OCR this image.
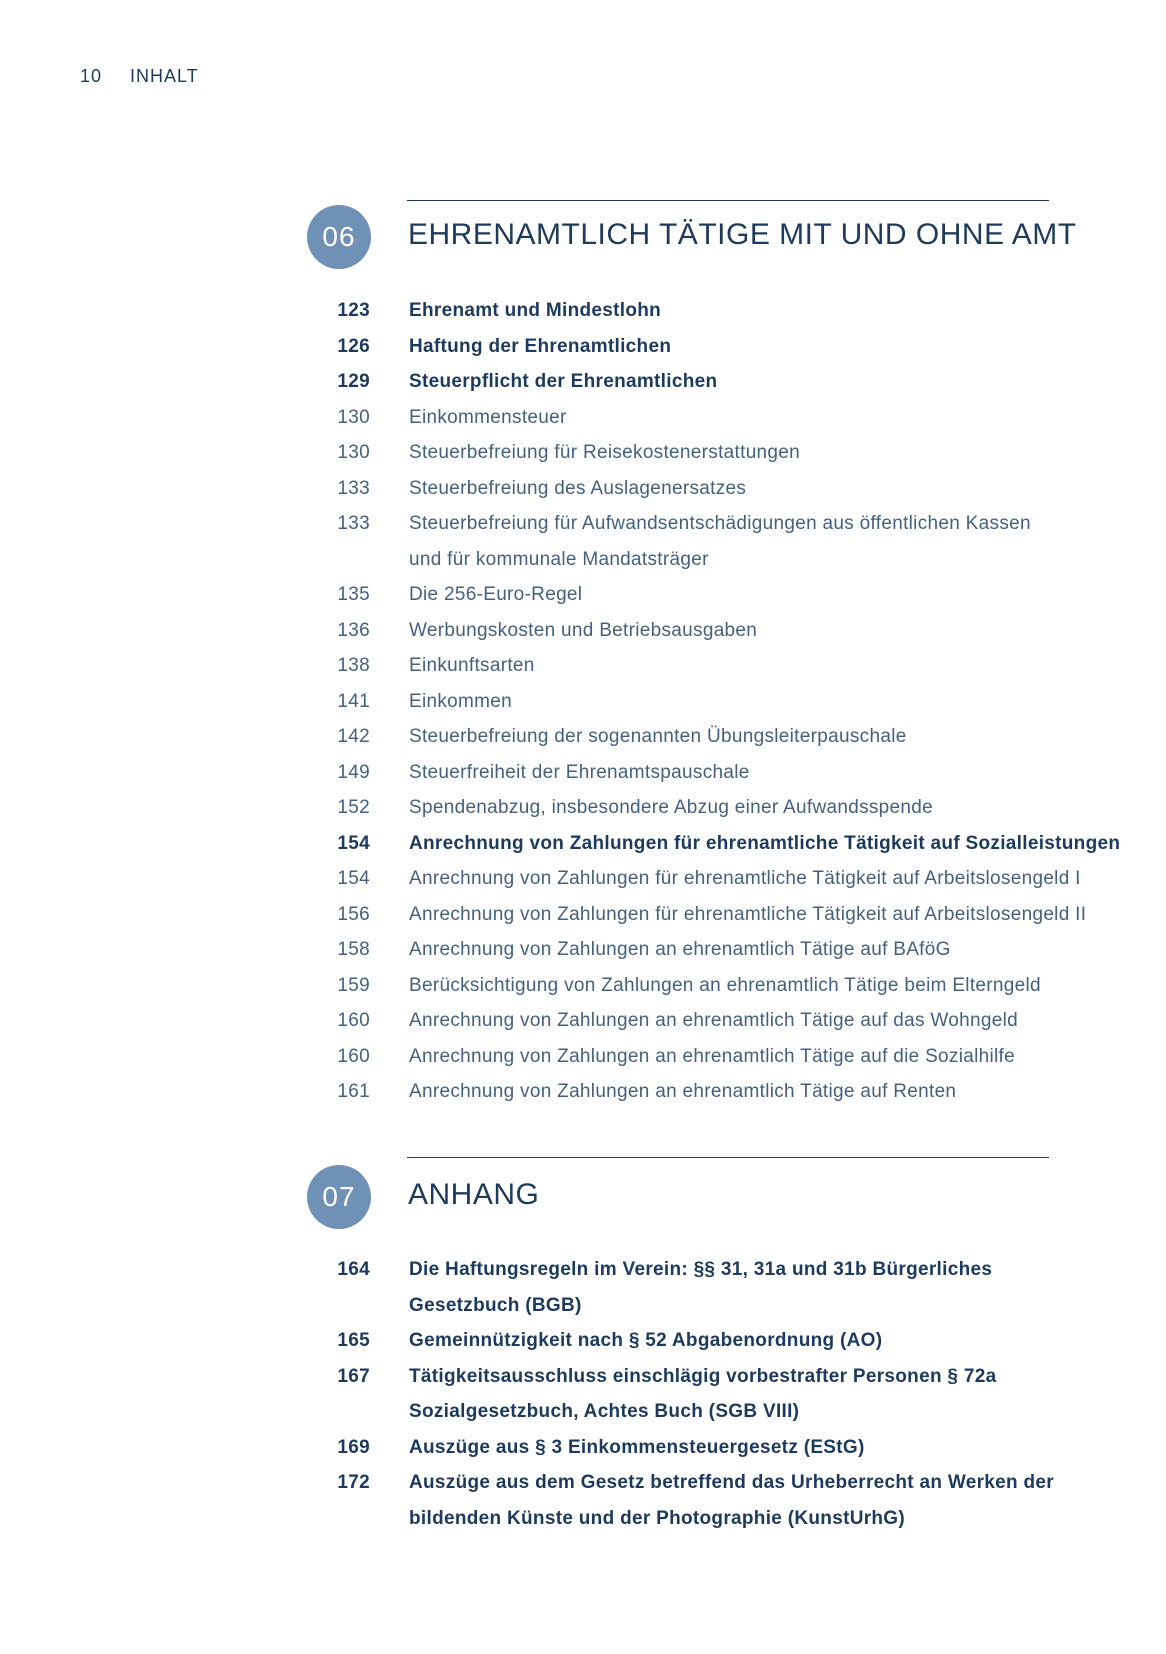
10 INHALT
06	EHRENAMTLICH TÄTIGE MIT UND OHNE AMT
123 Ehrenamt und Mindestlohn
126 Haftung der Ehrenamtlichen
129 Steuerpflicht der Ehrenamtlichen
130 Einkommensteuer
130 Steuerbefreiung für Reisekostenerstattungen
133 Steuerbefreiung des Auslagenersatzes
133 Steuerbefreiung für Aufwandsentschädigungen aus öffentlichen Kassen und für kommunale Mandatsträger
135 Die 256-Euro-Regel
136 Werbungskosten und Betriebsausgaben
138 Einkunftsarten
141 Einkommen
142 Steuerbefreiung der sogenannten Übungsleiterpauschale
149 Steuerfreiheit der Ehrenamtspauschale
152 Spendenabzug, insbesondere Abzug einer Aufwandsspende
154 Anrechnung von Zahlungen für ehrenamtliche Tätigkeit auf Sozialleistungen
154 Anrechnung von Zahlungen für ehrenamtliche Tätigkeit auf Arbeitslosengeld I
156 Anrechnung von Zahlungen für ehrenamtliche Tätigkeit auf Arbeitslosengeld II
158 Anrechnung von Zahlungen an ehrenamtlich Tätige auf BAföG
159 Berücksichtigung von Zahlungen an ehrenamtlich Tätige beim Elterngeld
160 Anrechnung von Zahlungen an ehrenamtlich Tätige auf das Wohngeld
160 Anrechnung von Zahlungen an ehrenamtlich Tätige auf die Sozialhilfe
161 Anrechnung von Zahlungen an ehrenamtlich Tätige auf Renten
07	ANHANG
164 Die Haftungsregeln im Verein: §§ 31, 31a und 31b Bürgerliches Gesetzbuch (BGB)
165 Gemeinnützigkeit nach § 52 Abgabenordnung (AO)
167 Tätigkeitsausschluss einschlägig vorbestrafter Personen § 72a Sozialgesetzbuch, Achtes Buch (SGB VIII)
169 Auszüge aus § 3 Einkommensteuergesetz (EStG)
172 Auszüge aus dem Gesetz betreffend das Urheberrecht an Werken der bildenden Künste und der Photographie (KunstUrhG)
